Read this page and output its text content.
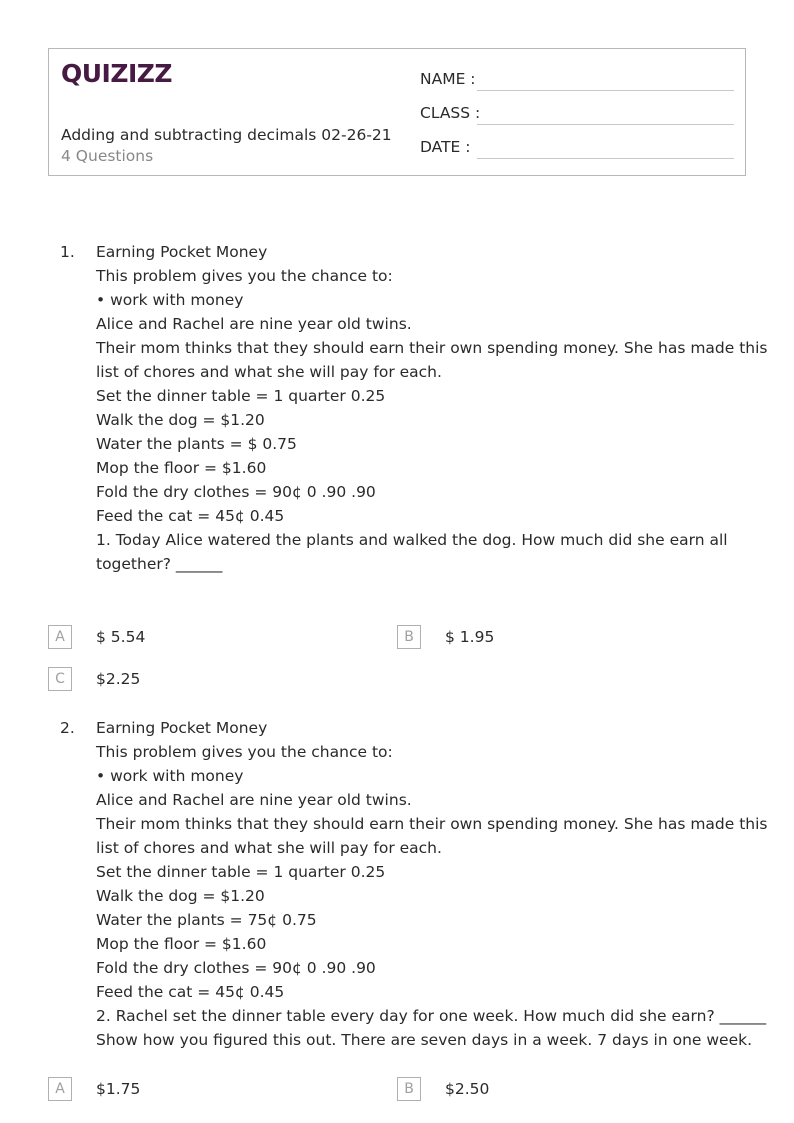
QUIZIZZ
Adding and subtracting decimals 02-26-21
4 Questions
NAME :
CLASS :
DATE :
1. Earning Pocket Money
This problem gives you the chance to:
• work with money
Alice and Rachel are nine year old twins.
Their mom thinks that they should earn their own spending money. She has made this
list of chores and what she will pay for each.
Set the dinner table = 1 quarter 0.25
Walk the dog = $1.20
Water the plants = $ 0.75
Mop the floor = $1.60
Fold the dry clothes = 90¢ 0 .90 .90
Feed the cat = 45¢ 0.45
1. Today Alice watered the plants and walked the dog. How much did she earn all
together? ______
A	$ 5.54	B	$ 1.95
C	$2.25
2. Earning Pocket Money
This problem gives you the chance to:
• work with money
Alice and Rachel are nine year old twins.
Their mom thinks that they should earn their own spending money. She has made this
list of chores and what she will pay for each.
Set the dinner table = 1 quarter 0.25
Walk the dog = $1.20
Water the plants = 75¢ 0.75
Mop the floor = $1.60
Fold the dry clothes = 90¢ 0 .90 .90
Feed the cat = 45¢ 0.45
2. Rachel set the dinner table every day for one week. How much did she earn? ______
Show how you figured this out. There are seven days in a week. 7 days in one week.
A	$1.75	B	$2.50
